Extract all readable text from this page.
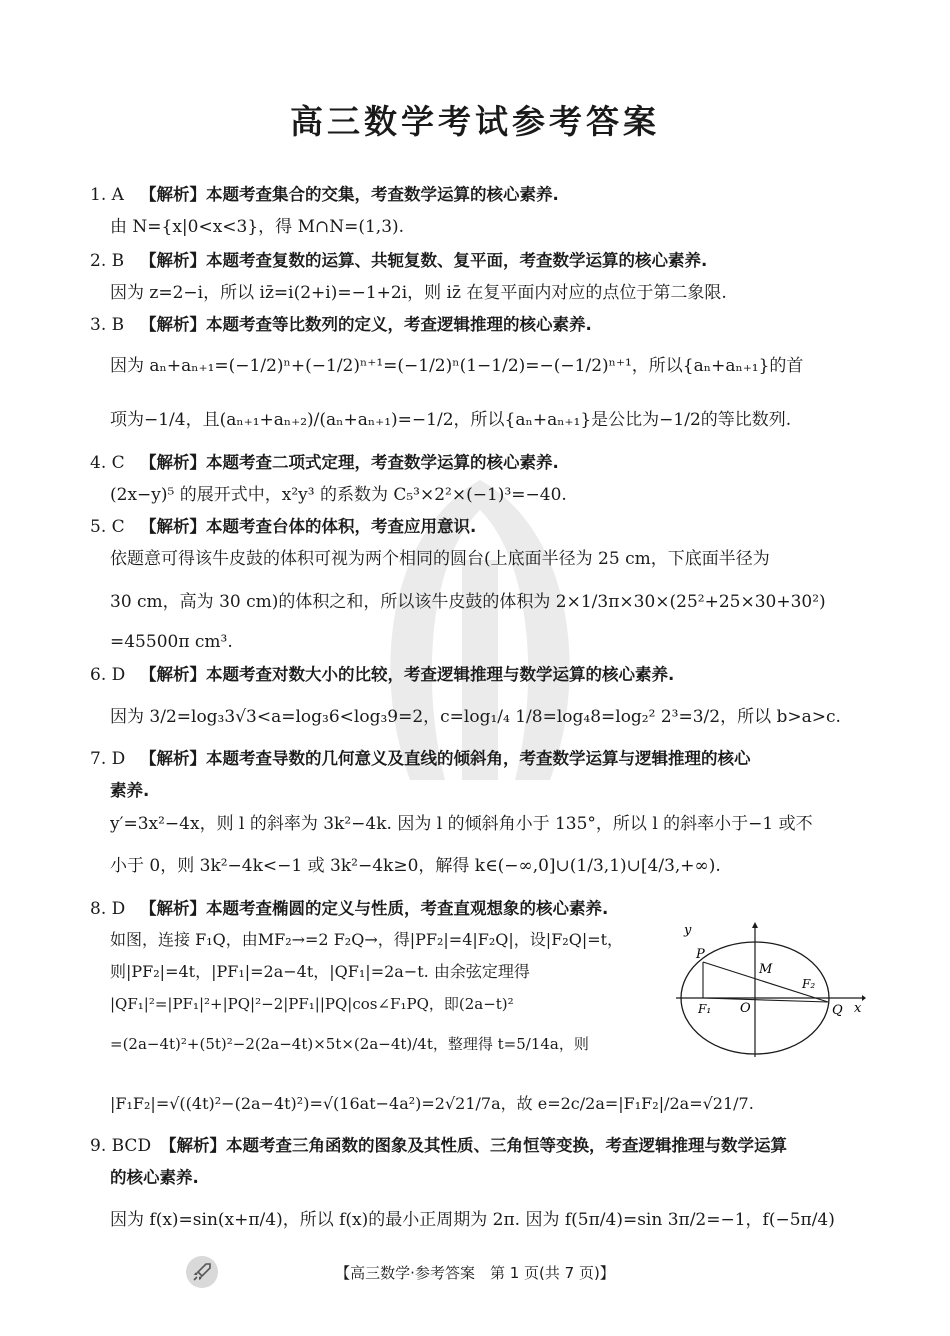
高三数学考试参考答案
1. A 【解析】本题考查集合的交集，考查数学运算的核心素养.
由 N={x|0<x<3}，得 M∩N=(1,3).
2. B 【解析】本题考查复数的运算、共轭复数、复平面，考查数学运算的核心素养.
因为 z=2−i，所以 iz̄=i(2+i)=−1+2i，则 iz̄ 在复平面内对应的点位于第二象限.
3. B 【解析】本题考查等比数列的定义，考查逻辑推理的核心素养.
因为 aₙ+aₙ₊₁=(−1/2)ⁿ+(−1/2)ⁿ⁺¹=(−1/2)ⁿ(1−1/2)=−(−1/2)ⁿ⁺¹，所以{aₙ+aₙ₊₁}的首
项为−1/4，且(aₙ₊₁+aₙ₊₂)/(aₙ+aₙ₊₁)=−1/2，所以{aₙ+aₙ₊₁}是公比为−1/2的等比数列.
4. C 【解析】本题考查二项式定理，考查数学运算的核心素养.
(2x−y)⁵ 的展开式中，x²y³ 的系数为 C₅³×2²×(−1)³=−40.
5. C 【解析】本题考查台体的体积，考查应用意识.
依题意可得该牛皮鼓的体积可视为两个相同的圆台(上底面半径为 25 cm，下底面半径为
30 cm，高为 30 cm)的体积之和，所以该牛皮鼓的体积为 2×1/3π×30×(25²+25×30+30²)
=45500π cm³.
6. D 【解析】本题考查对数大小的比较，考查逻辑推理与数学运算的核心素养.
因为 3/2=log₃3√3<a=log₃6<log₃9=2，c=log₁/₄ 1/8=log₄8=log₂² 2³=3/2，所以 b>a>c.
7. D 【解析】本题考查导数的几何意义及直线的倾斜角，考查数学运算与逻辑推理的核心
素养.
y′=3x²−4x，则 l 的斜率为 3k²−4k. 因为 l 的倾斜角小于 135°，所以 l 的斜率小于−1 或不
小于 0，则 3k²−4k<−1 或 3k²−4k≥0，解得 k∈(−∞,0]∪(1/3,1)∪[4/3,+∞).
8. D 【解析】本题考查椭圆的定义与性质，考查直观想象的核心素养.
如图，连接 F₁Q，由MF₂→=2 F₂Q→，得|PF₂|=4|F₂Q|，设|F₂Q|=t，
则|PF₂|=4t，|PF₁|=2a−4t，|QF₁|=2a−t. 由余弦定理得
|QF₁|²=|PF₁|²+|PQ|²−2|PF₁||PQ|cos∠F₁PQ，即(2a−t)²
=(2a−4t)²+(5t)²−2(2a−4t)×5t×(2a−4t)/4t，整理得 t=5/14a，则
|F₁F₂|=√((4t)²−(2a−4t)²)=√(16at−4a²)=2√21/7a，故 e=2c/2a=|F₁F₂|/2a=√21/7.
y
x
P
M
O
F₁
F₂
Q
9. BCD 【解析】本题考查三角函数的图象及其性质、三角恒等变换，考查逻辑推理与数学运算
的核心素养.
因为 f(x)=sin(x+π/4)，所以 f(x)的最小正周期为 2π. 因为 f(5π/4)=sin 3π/2=−1，f(−5π/4)
【高三数学·参考答案　第 1 页(共 7 页)】
